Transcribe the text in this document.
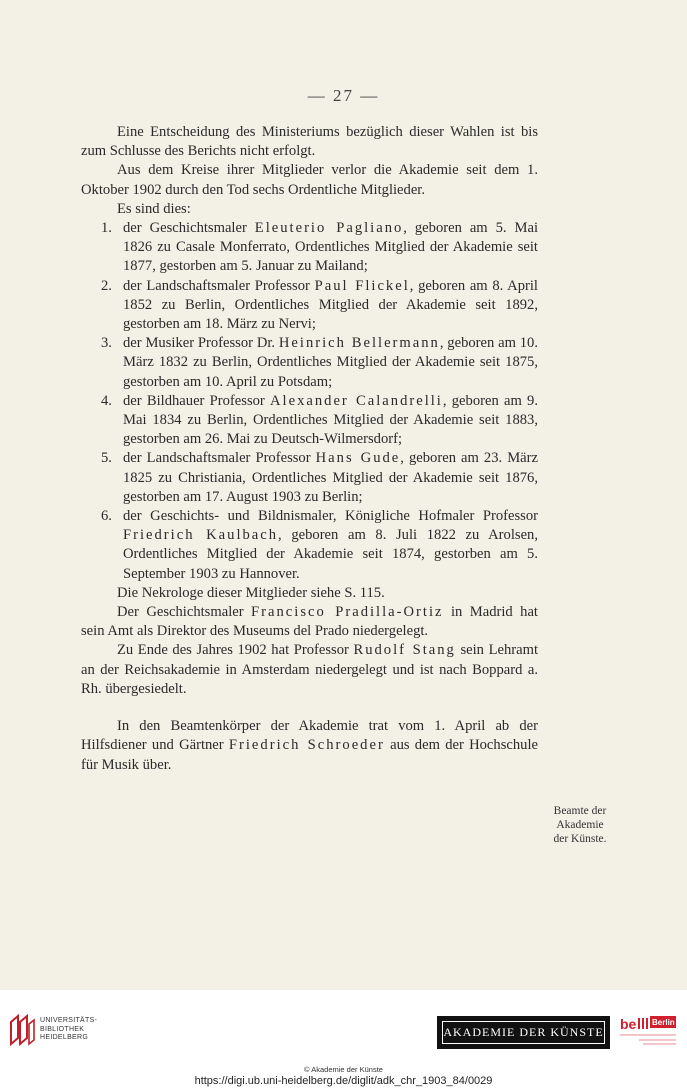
— 27 —

Eine Entscheidung des Ministeriums bezüglich dieser Wahlen ist bis zum Schlusse des Berichts nicht erfolgt.

Aus dem Kreise ihrer Mitglieder verlor die Akademie seit dem 1. Oktober 1902 durch den Tod sechs Ordentliche Mitglieder.

Es sind dies:

1. der Geschichtsmaler Eleuterio Pagliano, geboren am 5. Mai 1826 zu Casale Monferrato, Ordentliches Mitglied der Akademie seit 1877, gestorben am 5. Januar zu Mailand;
2. der Landschaftsmaler Professor Paul Flickel, geboren am 8. April 1852 zu Berlin, Ordentliches Mitglied der Akademie seit 1892, gestorben am 18. März zu Nervi;
3. der Musiker Professor Dr. Heinrich Bellermann, geboren am 10. März 1832 zu Berlin, Ordentliches Mitglied der Akademie seit 1875, gestorben am 10. April zu Potsdam;
4. der Bildhauer Professor Alexander Calandrelli, geboren am 9. Mai 1834 zu Berlin, Ordentliches Mitglied der Akademie seit 1883, gestorben am 26. Mai zu Deutsch-Wilmersdorf;
5. der Landschaftsmaler Professor Hans Gude, geboren am 23. März 1825 zu Christiania, Ordentliches Mitglied der Akademie seit 1876, gestorben am 17. August 1903 zu Berlin;
6. der Geschichts- und Bildnismaler, Königliche Hofmaler Professor Friedrich Kaulbach, geboren am 8. Juli 1822 zu Arolsen, Ordentliches Mitglied der Akademie seit 1874, gestorben am 5. September 1903 zu Hannover.

Die Nekrologe dieser Mitglieder siehe S. 115.

Der Geschichtsmaler Francisco Pradilla-Ortiz in Madrid hat sein Amt als Direktor des Museums del Prado niedergelegt.

Zu Ende des Jahres 1902 hat Professor Rudolf Stang sein Lehramt an der Reichsakademie in Amsterdam niedergelegt und ist nach Boppard a. Rh. übergesiedelt.

In den Beamtenkörper der Akademie trat vom 1. April ab der Hilfsdiener und Gärtner Friedrich Schroeder aus dem der Hochschule für Musik über.

Beamte der
Akademie
der Künste.
UNIVERSITÄTS-
BIBLIOTHEK
HEIDELBERG	AKADEMIE DER KÜNSTE be Berlin
© Akademie der Künste
https://digi.ub.uni-heidelberg.de/diglit/adk_chr_1903_84/0029
